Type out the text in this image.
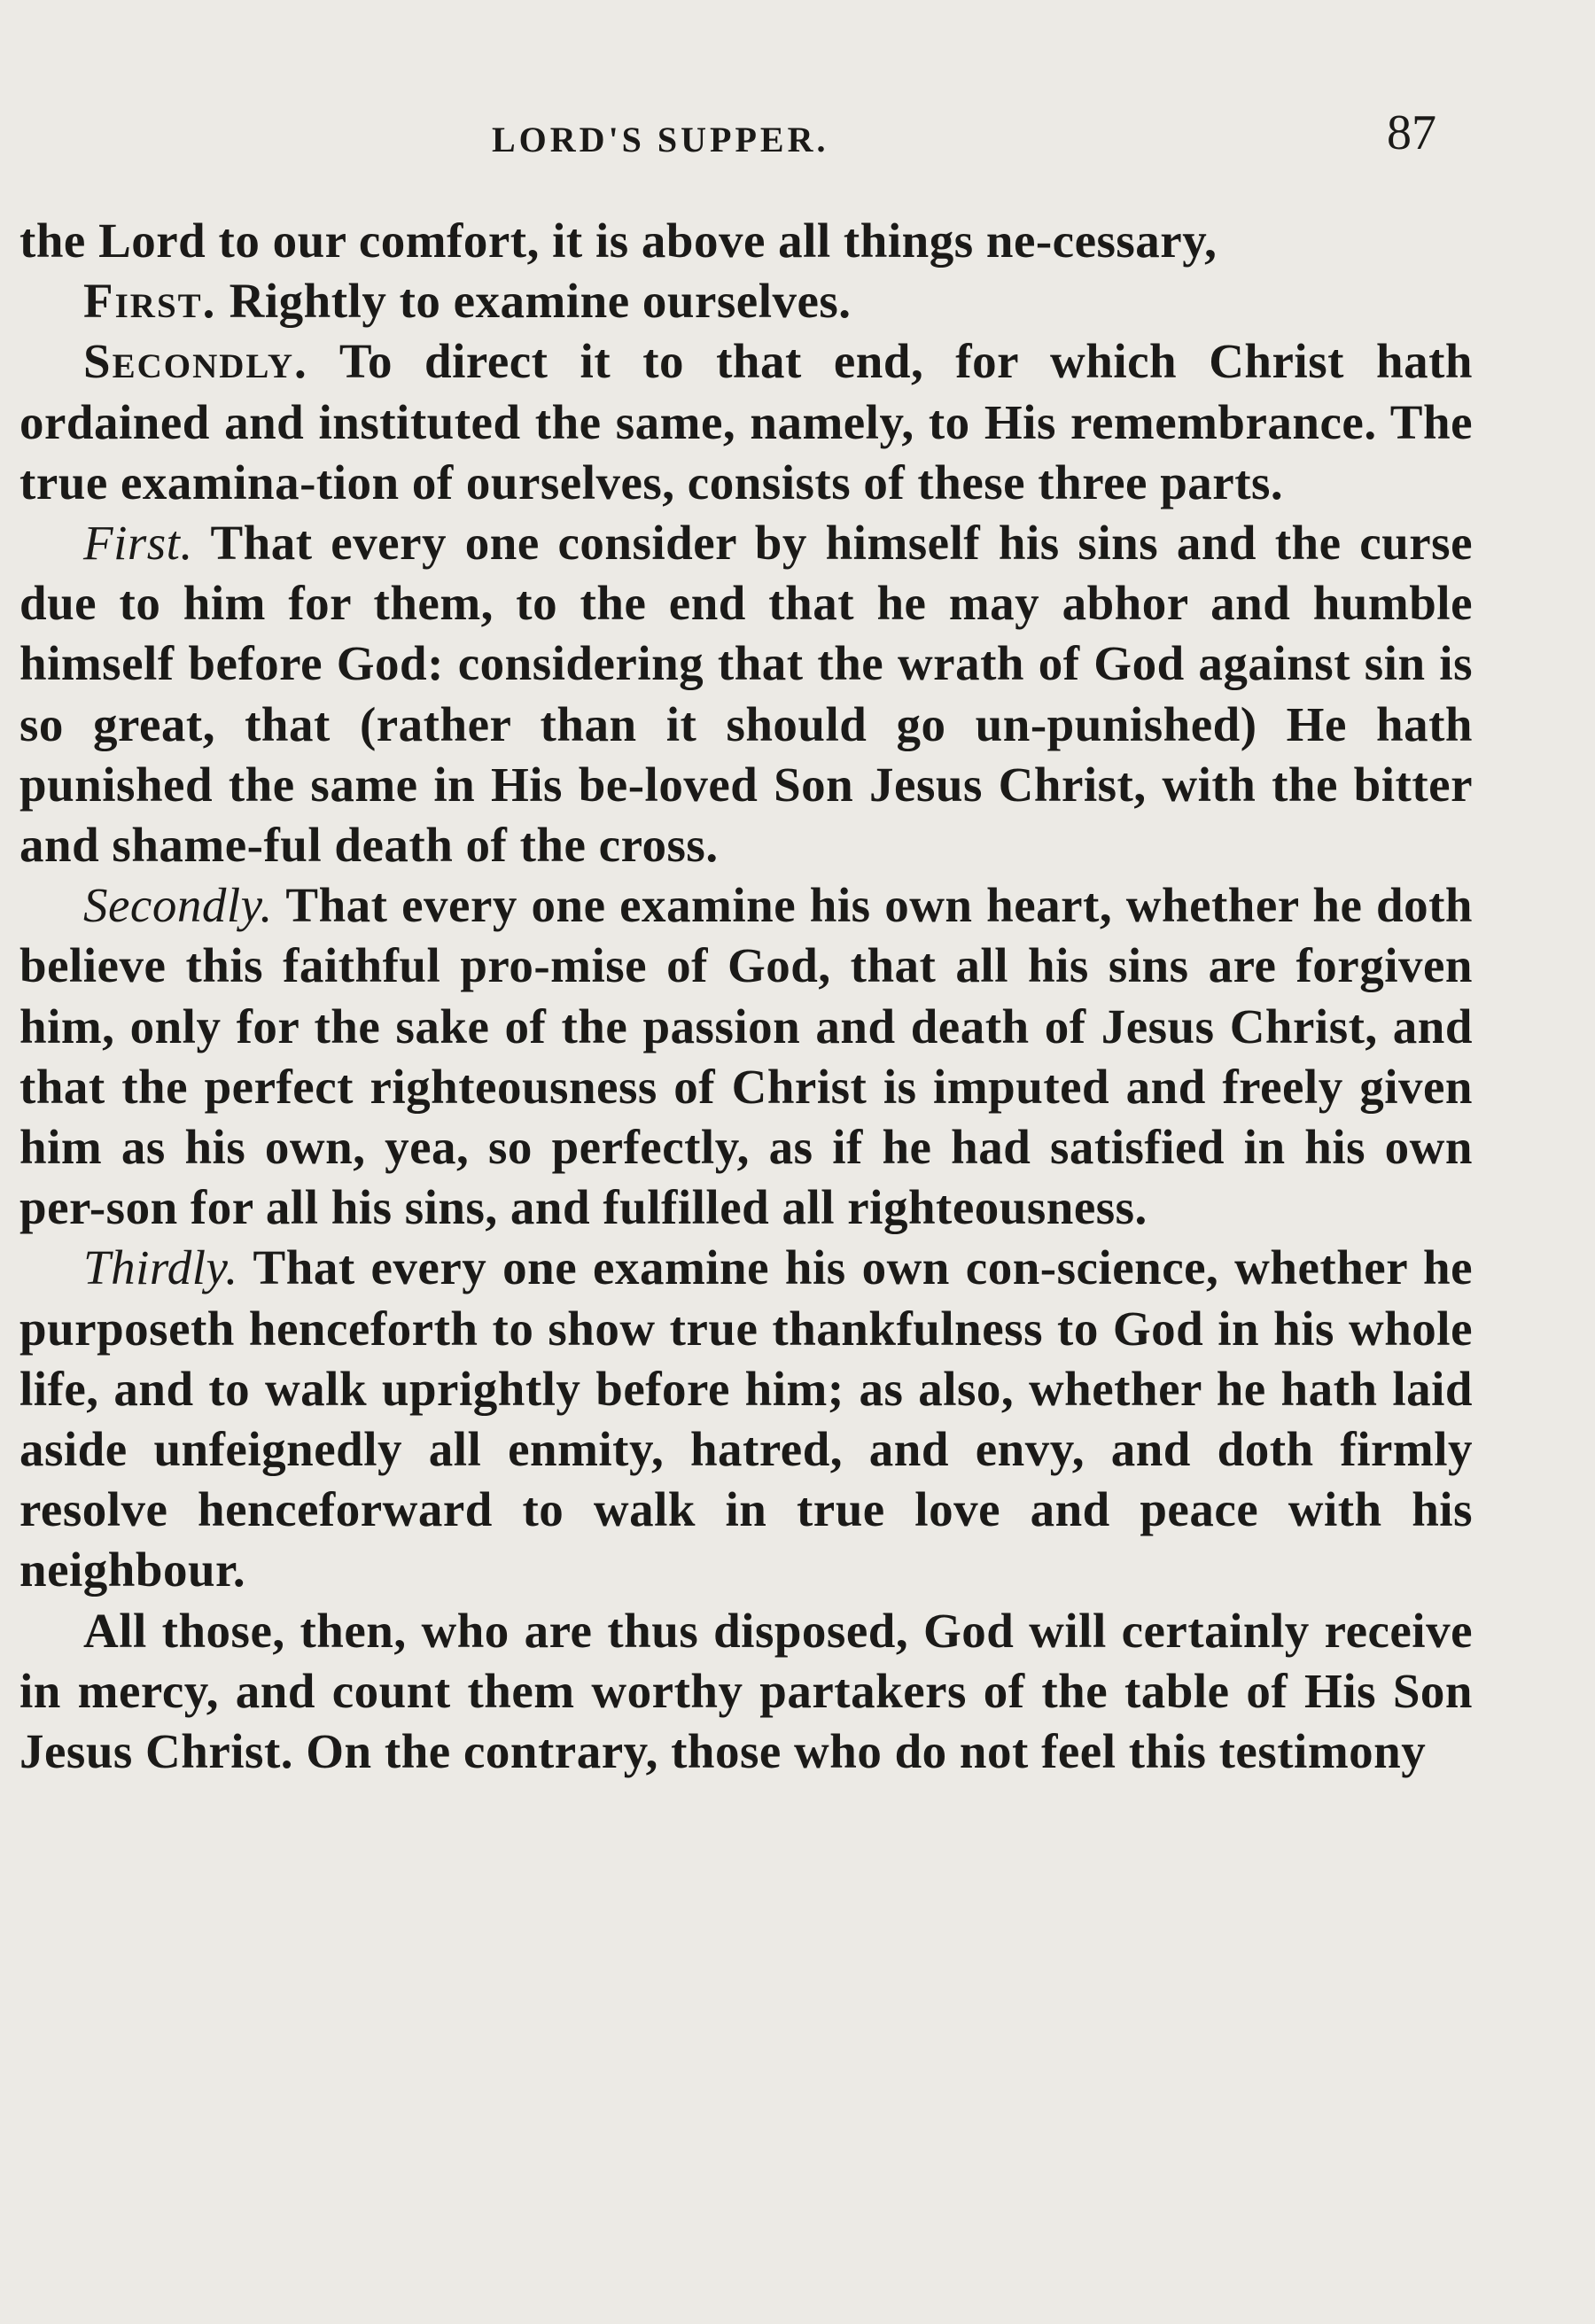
LORD'S SUPPER.	87

the Lord to our comfort, it is above all things ne-cessary,

First. Rightly to examine ourselves.

Secondly. To direct it to that end, for which Christ hath ordained and instituted the same, namely, to His remembrance. The true examina-tion of ourselves, consists of these three parts.

First. That every one consider by himself his sins and the curse due to him for them, to the end that he may abhor and humble himself before God: considering that the wrath of God against sin is so great, that (rather than it should go un-punished) He hath punished the same in His be-loved Son Jesus Christ, with the bitter and shame-ful death of the cross.

Secondly. That every one examine his own heart, whether he doth believe this faithful pro-mise of God, that all his sins are forgiven him, only for the sake of the passion and death of Jesus Christ, and that the perfect righteousness of Christ is imputed and freely given him as his own, yea, so perfectly, as if he had satisfied in his own per-son for all his sins, and fulfilled all righteousness.

Thirdly. That every one examine his own con-science, whether he purposeth henceforth to show true thankfulness to God in his whole life, and to walk uprightly before him; as also, whether he hath laid aside unfeignedly all enmity, hatred, and envy, and doth firmly resolve henceforward to walk in true love and peace with his neighbour.

All those, then, who are thus disposed, God will certainly receive in mercy, and count them worthy partakers of the table of His Son Jesus Christ. On the contrary, those who do not feel this testimony
